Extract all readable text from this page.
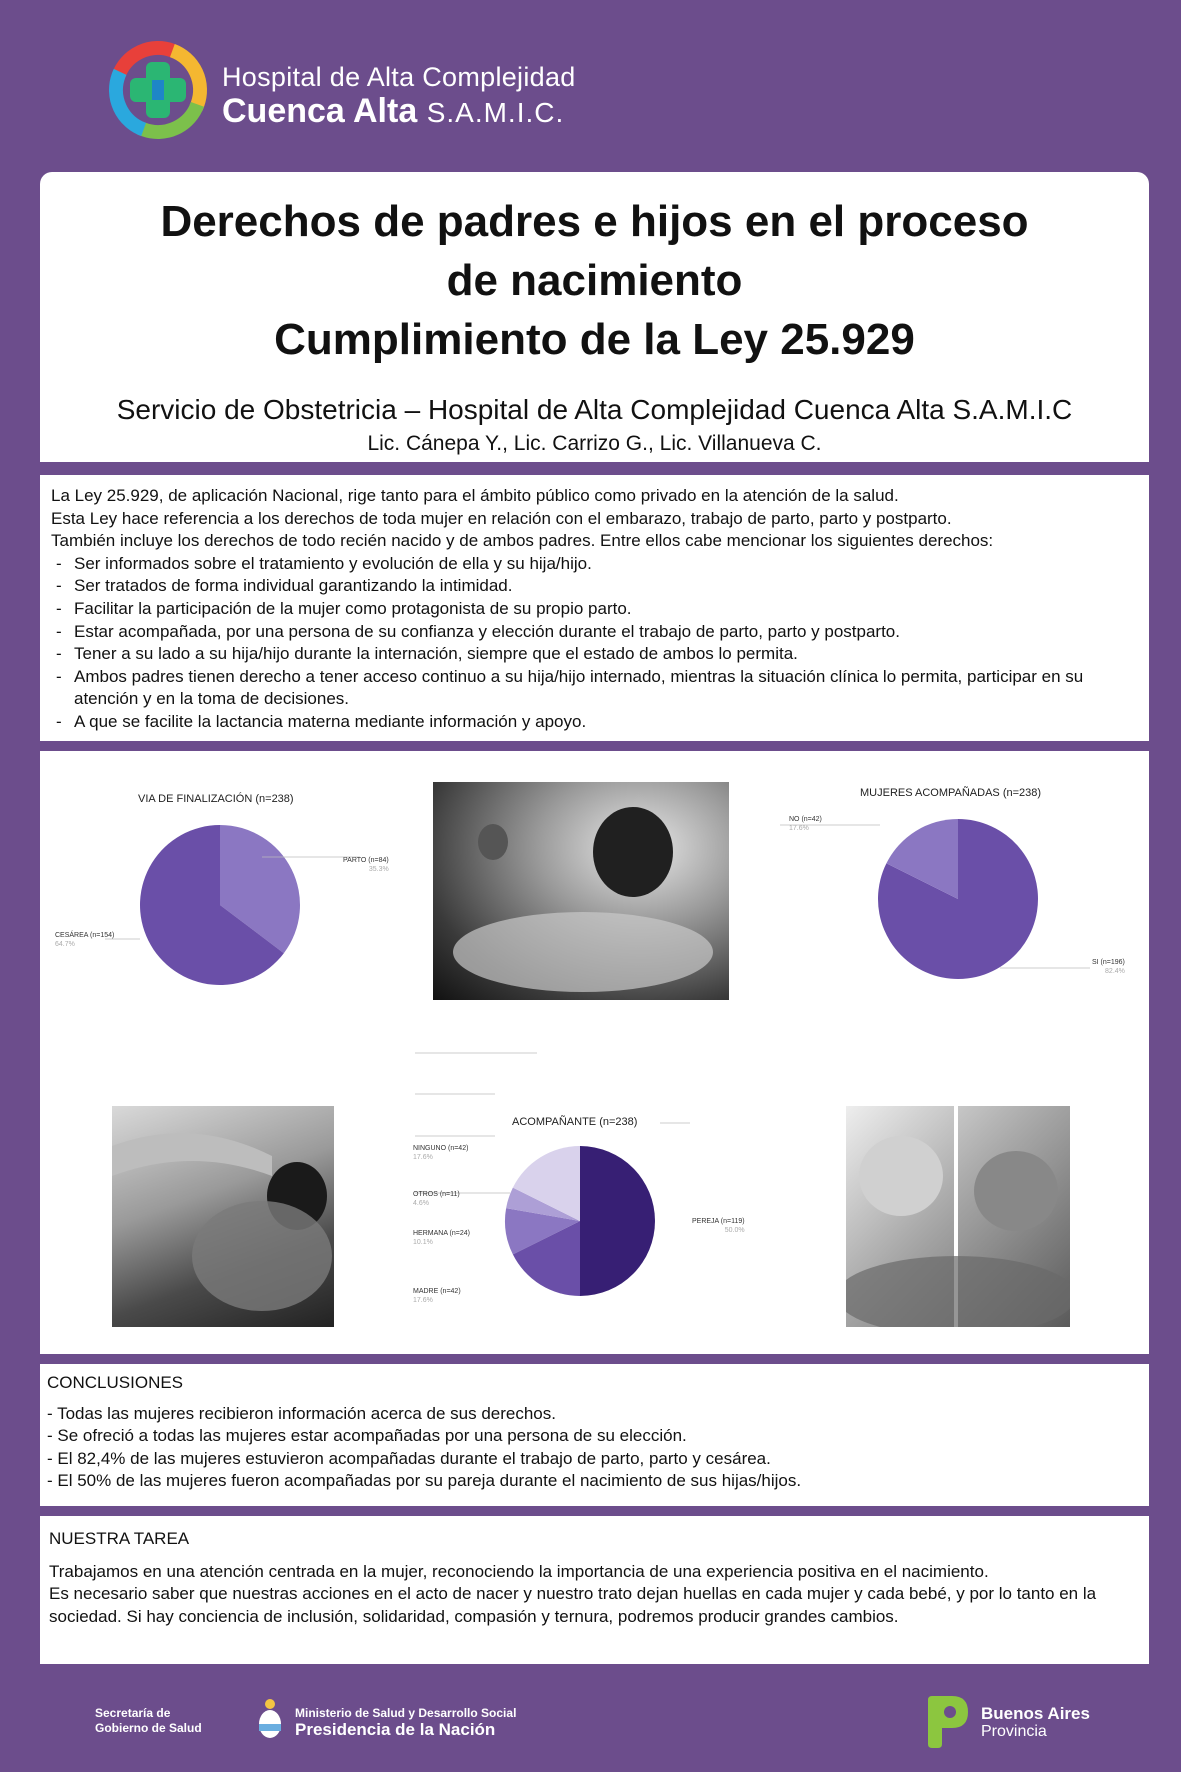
Hospital de Alta Complejidad
Cuenca Alta S.A.M.I.C.
Derechos de padres e hijos en el proceso
de nacimiento
Cumplimiento de la Ley 25.929
Servicio de Obstetricia – Hospital de Alta Complejidad Cuenca Alta S.A.M.I.C
Lic. Cánepa Y., Lic. Carrizo G., Lic. Villanueva C.

La Ley 25.929, de aplicación Nacional, rige tanto para el ámbito público como privado en la atención de la salud.

Esta Ley hace referencia a los derechos de toda mujer en relación con el embarazo, trabajo de parto, parto y postparto.

También incluye los derechos de todo recién nacido y de ambos padres. Entre ellos cabe mencionar los siguientes derechos:

- Ser informados sobre el tratamiento y evolución de ella y su hija/hijo.
- Ser tratados de forma individual garantizando la intimidad.
- Facilitar la participación de la mujer como protagonista de su propio parto.
- Estar acompañada, por una persona de su confianza y elección durante el trabajo de parto, parto y postparto.
- Tener a su lado a su hija/hijo durante la internación, siempre que el estado de ambos lo permita.
- Ambos padres tienen derecho a tener acceso continuo a su hija/hijo internado, mientras la situación clínica lo permita, participar en su atención y en la toma de decisiones.
- A que se facilite la lactancia materna mediante información y apoyo.
VIA DE FINALIZACIÓN (n=238)
PARTO (n=84)
35.3%
CESÁREA (n=154)
64.7%
MUJERES ACOMPAÑADAS (n=238)
NO (n=42)
17.6%
SI (n=196)
82.4%
ACOMPAÑANTE (n=238)
NINGUNO (n=42)
17.6%
OTROS (n=11)
4.6%
HERMANA (n=24)
10.1%
MADRE (n=42)
17.6%
PEREJA (n=119)
50.0%
CONCLUSIONES
- Todas las mujeres recibieron información acerca de sus derechos.
- Se ofreció a todas las mujeres estar acompañadas por una persona de su elección.
- El 82,4% de las mujeres estuvieron acompañadas durante el trabajo de parto, parto y cesárea.
- El 50% de las mujeres fueron acompañadas por su pareja durante el nacimiento de sus hijas/hijos.
NUESTRA TAREA
Trabajamos en una atención centrada en la mujer, reconociendo la importancia de una experiencia positiva en el nacimiento.
Es necesario saber que nuestras acciones en el acto de nacer y nuestro trato dejan huellas en cada mujer y cada bebé, y por lo tanto en la sociedad. Si hay conciencia de inclusión, solidaridad, compasión y ternura, podremos producir grandes cambios.
Secretaría de
Gobierno de Salud
Ministerio de Salud y Desarrollo Social
Presidencia de la Nación
Buenos Aires
Provincia
